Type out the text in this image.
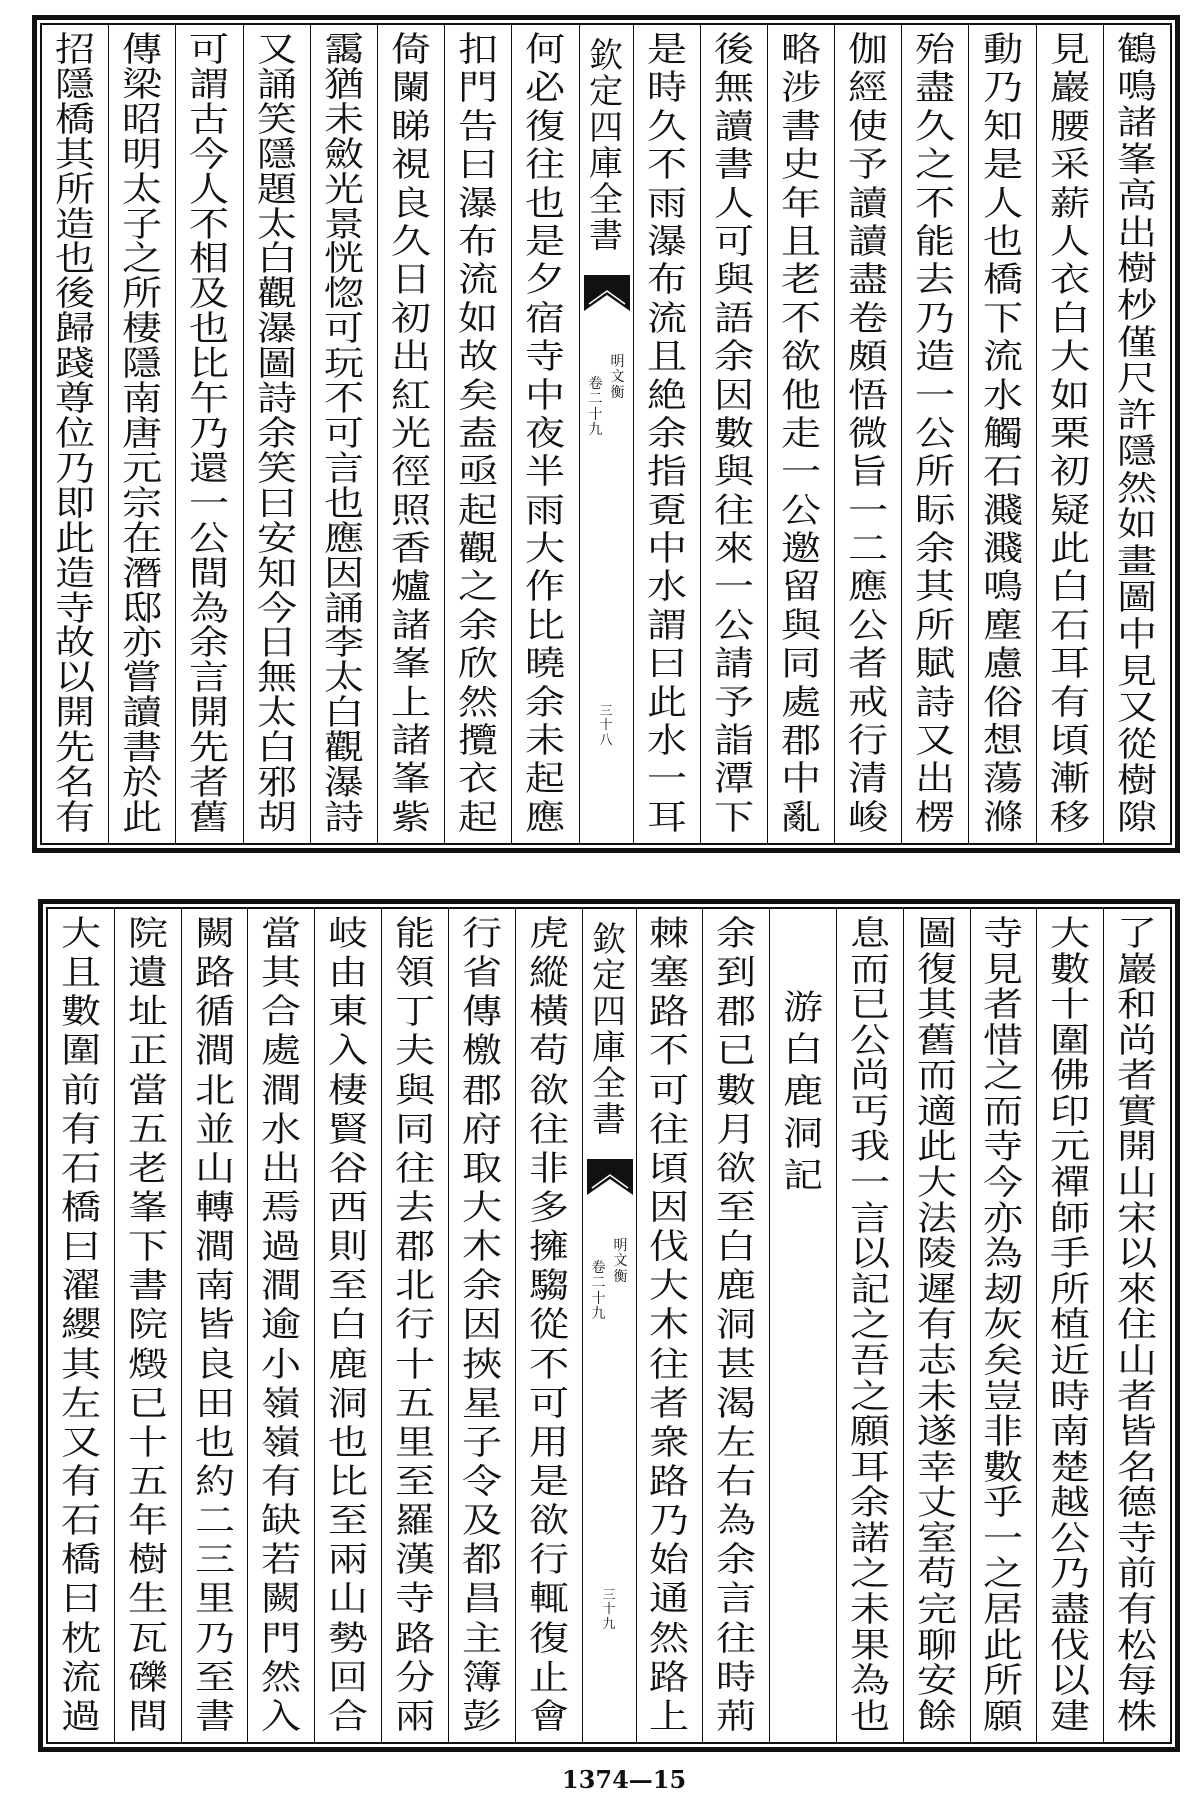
鶴
鳴
諸
峯
高
出
樹
杪
僅
尺
許
隱
然
如
畫
圖
中
見
又
從
樹
隙
見
巖
腰
采
薪
人
衣
白
大
如
栗
初
疑
此
白
石
耳
有
頃
漸
移
動
乃
知
是
人
也
橋
下
流
水
觸
石
濺
濺
鳴
塵
慮
俗
想
蕩
滌
殆
盡
久
之
不
能
去
乃
造
一
公
所
眎
余
其
所
賦
詩
又
出
楞
伽
經
使
予
讀
讀
盡
卷
頗
悟
微
旨
一
二
應
公
者
戒
行
清
峻
略
涉
書
史
年
且
老
不
欲
他
走
一
公
邀
留
與
同
處
郡
中
亂
後
無
讀
書
人
可
與
語
余
因
數
與
往
來
一
公
請
予
詣
潭
下
是
時
久
不
雨
瀑
布
流
且
絶
余
指
覔
中
水
謂
曰
此
水
一
耳
欽
定
四
庫
全
書
明
文
衡
卷
二
十
九
三
十
八
何
必
復
往
也
是
夕
宿
寺
中
夜
半
雨
大
作
比
曉
余
未
起
應
扣
門
告
曰
瀑
布
流
如
故
矣
盍
亟
起
觀
之
余
欣
然
攬
衣
起
倚
闌
睇
視
良
久
日
初
出
紅
光
徑
照
香
爐
諸
峯
上
諸
峯
紫
靄
猶
未
斂
光
景
恍
惚
可
玩
不
可
言
也
應
因
誦
李
太
白
觀
瀑
詩
又
誦
笑
隱
題
太
白
觀
瀑
圖
詩
余
笑
曰
安
知
今
日
無
太
白
邪
胡
可
謂
古
今
人
不
相
及
也
比
午
乃
還
一
公
間
為
余
言
開
先
者
舊
傳
梁
昭
明
太
子
之
所
棲
隱
南
唐
元
宗
在
潛
邸
亦
嘗
讀
書
於
此
招
隱
橋
其
所
造
也
後
歸
踐
尊
位
乃
即
此
造
寺
故
以
開
先
名
有
了
巖
和
尚
者
實
開
山
宋
以
來
住
山
者
皆
名
德
寺
前
有
松
每
株
大
數
十
圍
佛
印
元
禪
師
手
所
植
近
時
南
楚
越
公
乃
盡
伐
以
建
寺
見
者
惜
之
而
寺
今
亦
為
刼
灰
矣
豈
非
數
乎
一
之
居
此
所
願
圖
復
其
舊
而
適
此
大
法
陵
遲
有
志
未
遂
幸
丈
室
苟
完
聊
安
餘
息
而
已
公
尚
丐
我
一
言
以
記
之
吾
之
願
耳
余
諾
之
未
果
為
也
游
白
鹿
洞
記
余
到
郡
已
數
月
欲
至
白
鹿
洞
甚
渴
左
右
為
余
言
往
時
荊
棘
塞
路
不
可
往
頃
因
伐
大
木
往
者
衆
路
乃
始
通
然
路
上
欽
定
四
庫
全
書
明
文
衡
卷
二
十
九
三
十
九
虎
縱
橫
苟
欲
往
非
多
擁
騶
從
不
可
用
是
欲
行
輒
復
止
會
行
省
傳
檄
郡
府
取
大
木
余
因
挾
星
子
令
及
都
昌
主
簿
彭
能
領
丁
夫
與
同
往
去
郡
北
行
十
五
里
至
羅
漢
寺
路
分
兩
岐
由
東
入
棲
賢
谷
西
則
至
白
鹿
洞
也
比
至
兩
山
勢
回
合
當
其
合
處
澗
水
出
焉
過
澗
逾
小
嶺
嶺
有
缺
若
闕
門
然
入
闕
路
循
澗
北
並
山
轉
澗
南
皆
良
田
也
約
二
三
里
乃
至
書
院
遺
址
正
當
五
老
峯
下
書
院
燬
已
十
五
年
樹
生
瓦
礫
間
大
且
數
圍
前
有
石
橋
曰
濯
纓
其
左
又
有
石
橋
曰
枕
流
過
1374—15
